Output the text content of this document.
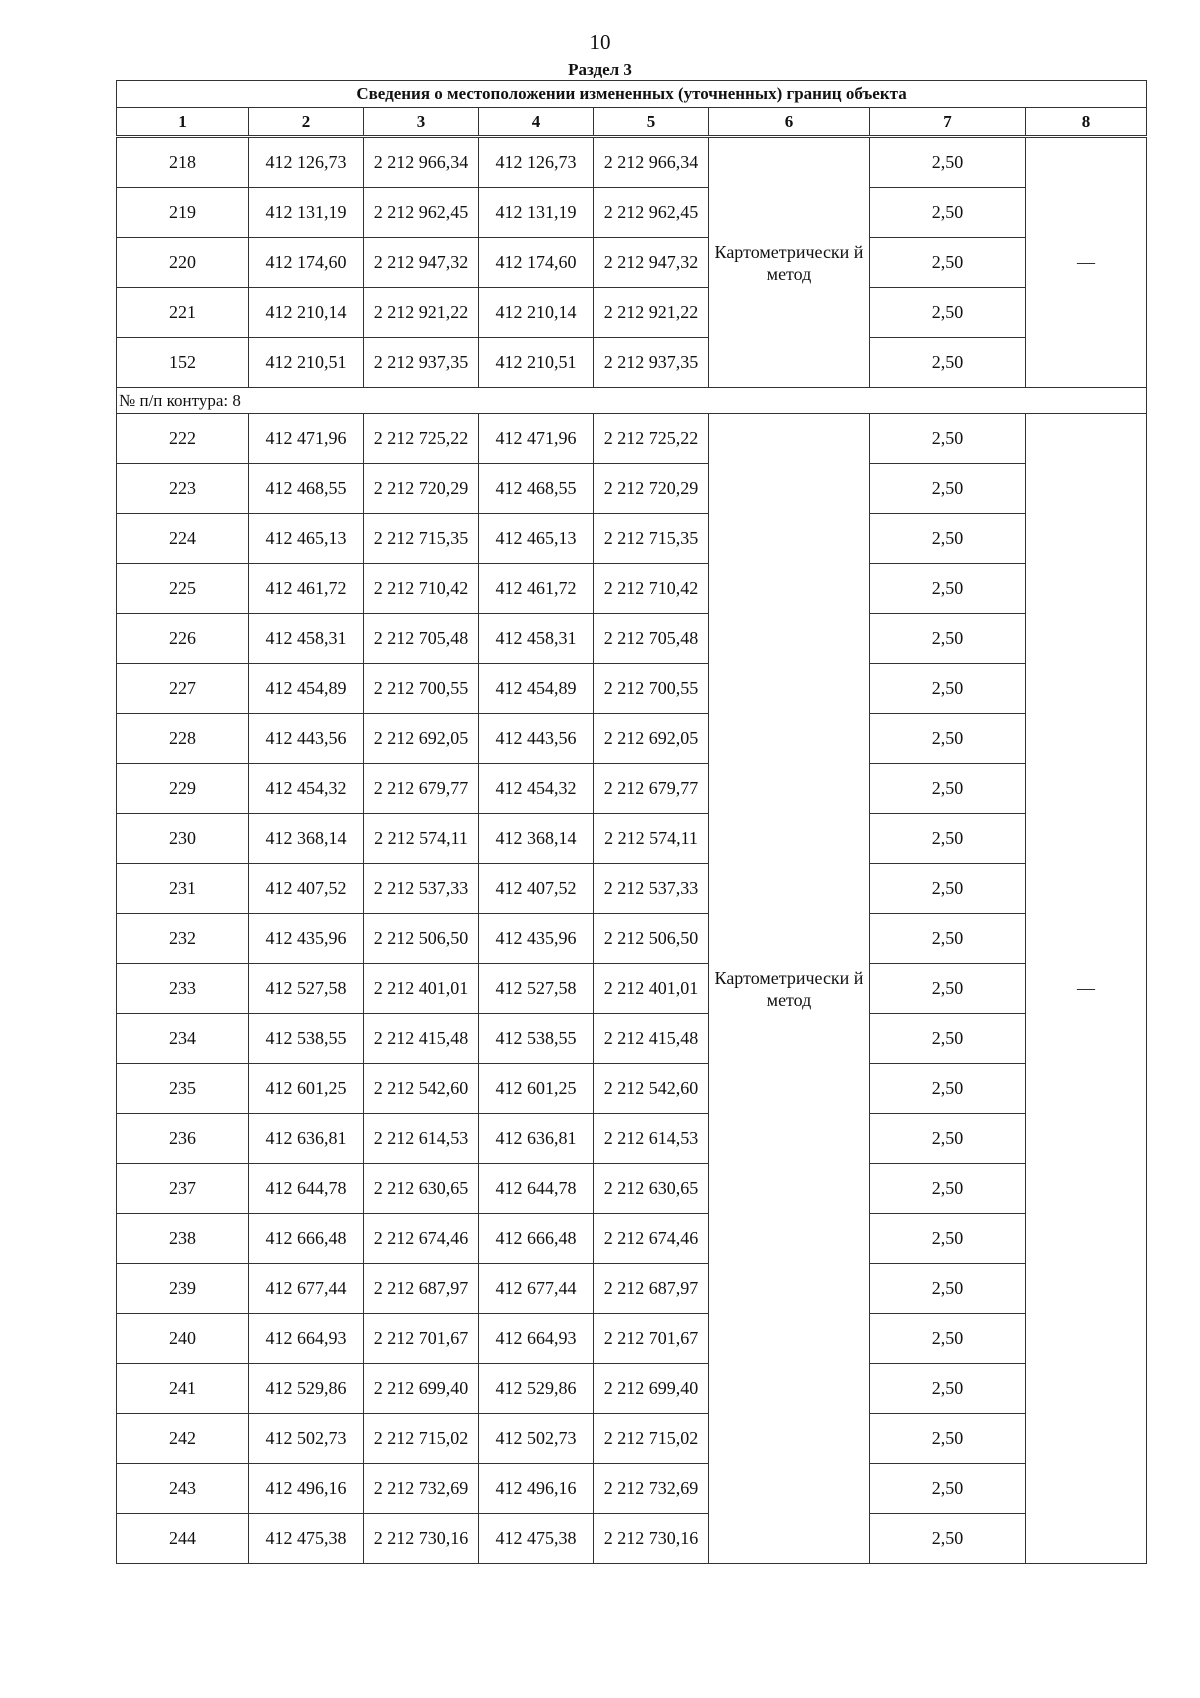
10
Раздел 3
Сведения о местоположении измененных (уточненных) границ объекта							
1	2	3	4	5	6	7	8
218	412 126,73	2 212 966,34	412 126,73	2 212 966,34	Картометрически й метод	2,50	—
219	412 131,19	2 212 962,45	412 131,19	2 212 962,45		2,50	
220	412 174,60	2 212 947,32	412 174,60	2 212 947,32		2,50	
221	412 210,14	2 212 921,22	412 210,14	2 212 921,22		2,50	
152	412 210,51	2 212 937,35	412 210,51	2 212 937,35		2,50	
№ п/п контура: 8							
222	412 471,96	2 212 725,22	412 471,96	2 212 725,22	Картометрически й метод	2,50	—
223	412 468,55	2 212 720,29	412 468,55	2 212 720,29		2,50	
224	412 465,13	2 212 715,35	412 465,13	2 212 715,35		2,50	
225	412 461,72	2 212 710,42	412 461,72	2 212 710,42		2,50	
226	412 458,31	2 212 705,48	412 458,31	2 212 705,48		2,50	
227	412 454,89	2 212 700,55	412 454,89	2 212 700,55		2,50	
228	412 443,56	2 212 692,05	412 443,56	2 212 692,05		2,50	
229	412 454,32	2 212 679,77	412 454,32	2 212 679,77		2,50	
230	412 368,14	2 212 574,11	412 368,14	2 212 574,11		2,50	
231	412 407,52	2 212 537,33	412 407,52	2 212 537,33		2,50	
232	412 435,96	2 212 506,50	412 435,96	2 212 506,50		2,50	
233	412 527,58	2 212 401,01	412 527,58	2 212 401,01		2,50	
234	412 538,55	2 212 415,48	412 538,55	2 212 415,48		2,50	
235	412 601,25	2 212 542,60	412 601,25	2 212 542,60		2,50	
236	412 636,81	2 212 614,53	412 636,81	2 212 614,53		2,50	
237	412 644,78	2 212 630,65	412 644,78	2 212 630,65		2,50	
238	412 666,48	2 212 674,46	412 666,48	2 212 674,46		2,50	
239	412 677,44	2 212 687,97	412 677,44	2 212 687,97		2,50	
240	412 664,93	2 212 701,67	412 664,93	2 212 701,67		2,50	
241	412 529,86	2 212 699,40	412 529,86	2 212 699,40		2,50	
242	412 502,73	2 212 715,02	412 502,73	2 212 715,02		2,50	
243	412 496,16	2 212 732,69	412 496,16	2 212 732,69		2,50	
244	412 475,38	2 212 730,16	412 475,38	2 212 730,16		2,50	
